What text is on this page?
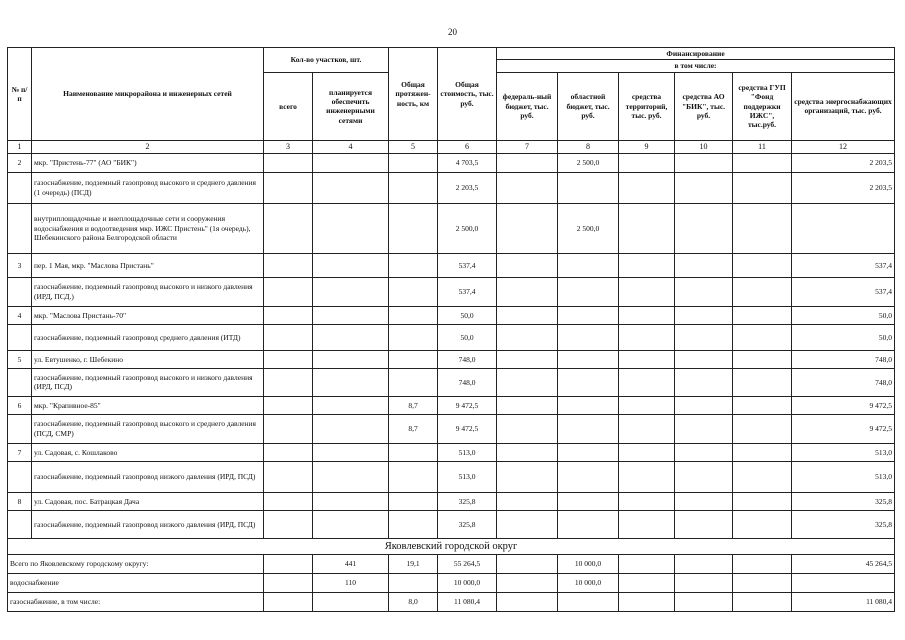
20
№ п/п	Наименование микрорайона и инженерных сетей	Кол-во участков, шт.		Общая протяжен-ность, км	Общая стоимость, тыс. руб.	Финансирование					
						в том числе:					
		всего	планируется обеспечить инженерными сетями			федераль-ный бюджет, тыс. руб.	областной бюджет, тыс. руб.	средства территорий, тыс. руб.	средства АО "БИК", тыс. руб.	средства ГУП "Фонд поддержки ИЖС", тыс.руб.	средства энергоснабжающих организаций, тыс. руб.
1	2	3	4	5	6	7	8	9	10	11	12
2	мкр. "Пристень-77" (АО "БИК")				4 703,5		2 500,0				2 203,5
	газоснабжение, подземный газопровод высокого и среднего давления (1 очередь) (ПСД)				2 203,5						2 203,5
	внутриплощадочные и внеплощадочные сети и сооружения водоснабжения и водоотведения мкр. ИЖС Пристень" (1я очередь), Шебекинского района Белгородской области				2 500,0		2 500,0				
3	пер. 1 Мая, мкр. "Маслова Пристань"				537,4						537,4
	газоснабжение, подземный газопровод высокого и низкого давления (ИРД, ПСД.)				537,4						537,4
4	мкр. "Маслова Пристань-70"				50,0						50,0
	газоснабжение, подземный газопровод среднего давления (ИТД)				50,0						50,0
5	ул. Евтушенко, г. Шебекино				748,0						748,0
	газоснабжение, подземный газопровод высокого и низкого давления (ИРД, ПСД)				748,0						748,0
6	мкр. "Крапивное-85"			8,7	9 472,5						9 472,5
	газоснабжение, подземный газопровод высокого и среднего давления (ПСД, СМР)			8,7	9 472,5						9 472,5
7	ул. Садовая, с. Кошлаково				513,0						513,0
	газоснабжение, подземный газопровод низкого давления (ИРД, ПСД)				513,0						513,0
8	ул. Садовая, пос. Батрацкая Дача				325,8						325,8
	газоснабжение, подземный газопровод низкого давления (ИРД, ПСД)				325,8						325,8
Яковлевский городской округ											
Всего по Яковлевскому городскому округу:			441	19,1	55 264,5		10 000,0				45 264,5
водоснабжение			110		10 000,0		10 000,0				
газоснабжение, в том числе:				8,0	11 080,4						11 080,4
